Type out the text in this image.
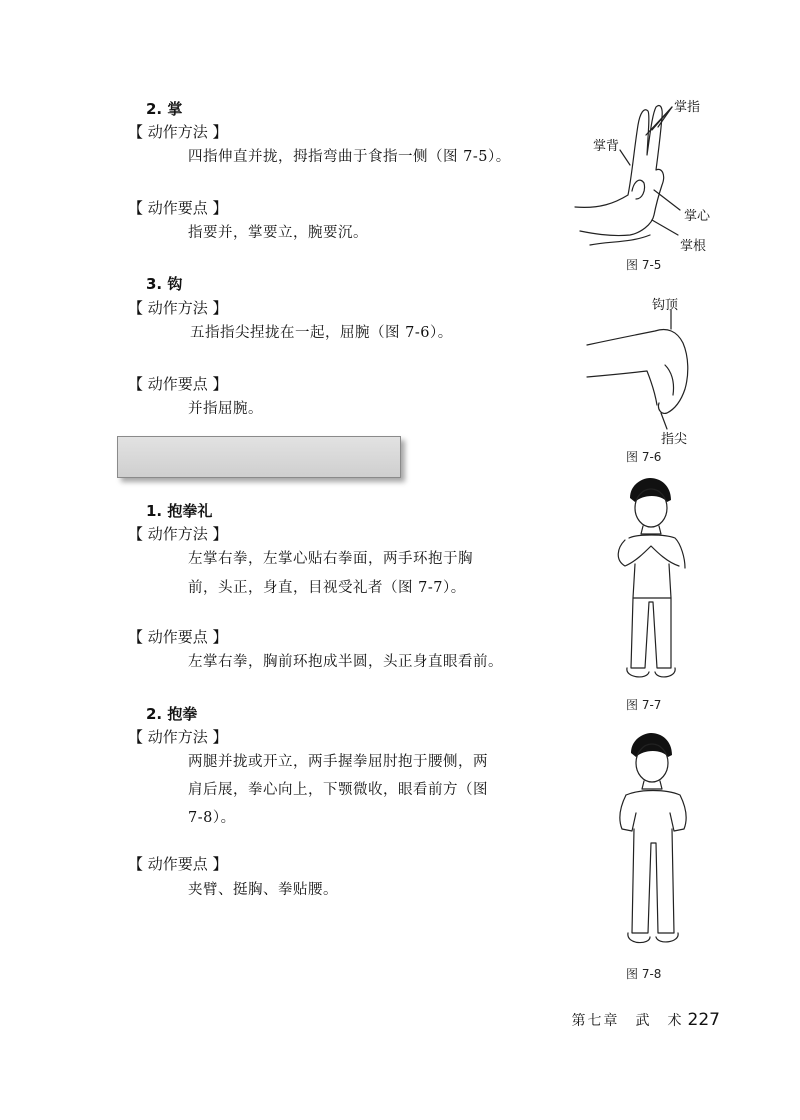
2. 掌
【 动作方法 】
四指伸直并拢，拇指弯曲于食指一侧（图 7-5）。
【 动作要点 】
指要并，掌要立，腕要沉。
3. 钩
【 动作方法 】
五指指尖捏拢在一起，屈腕（图 7-6）。
【 动作要点 】
并指屈腕。
1. 抱拳礼
【 动作方法 】
左掌右拳，左掌心贴右拳面，两手环抱于胸
前，头正，身直，目视受礼者（图 7-7）。
【 动作要点 】
左掌右拳，胸前环抱成半圆，头正身直眼看前。
2. 抱拳
【 动作方法 】
两腿并拢或开立，两手握拳屈肘抱于腰侧，两
肩后展，拳心向上，下颚微收，眼看前方（图
7-8）。
【 动作要点 】
夹臂、挺胸、拳贴腰。
掌指
掌背
掌心
掌根
图 7-5
钩顶
指尖
图 7-6
图 7-7
图 7-8
第七章　武　术 227
